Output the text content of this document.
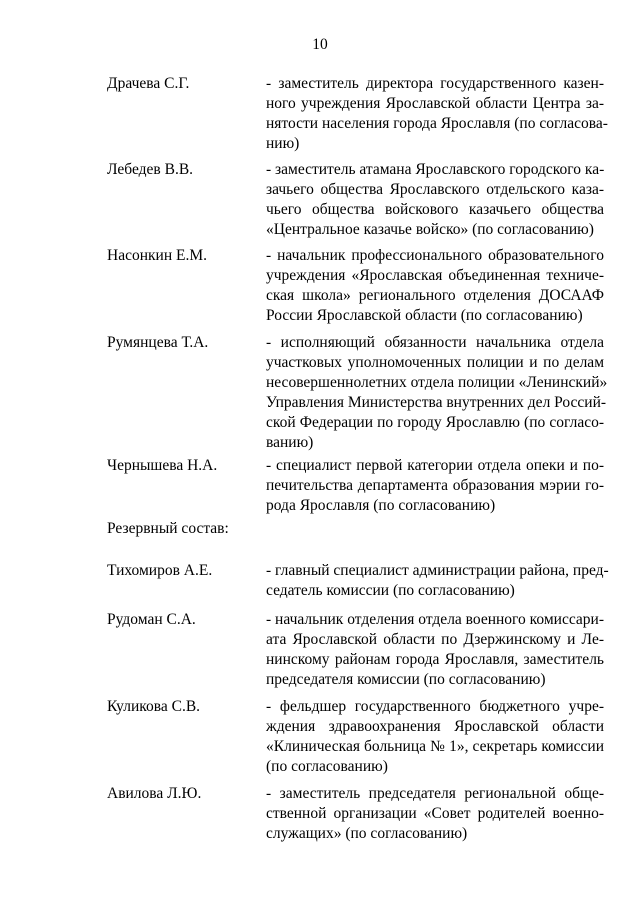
10
Драчева С.Г.	- заместитель директора государственного казен-
ного учреждения Ярославской области Центра за-
нятости населения города Ярославля (по согласова-
нию)
Лебедев В.В.	- заместитель атамана Ярославского городского ка-
зачьего общества Ярославского отдельского каза-
чьего общества войскового казачьего общества
«Центральное казачье войско» (по согласованию)
Насонкин Е.М.	- начальник профессионального образовательного
учреждения «Ярославская объединенная техниче-
ская школа» регионального отделения ДОСААФ
России Ярославской области (по согласованию)
Румянцева Т.А.	- исполняющий обязанности начальника отдела
участковых уполномоченных полиции и по делам
несовершеннолетних отдела полиции «Ленинский»
Управления Министерства внутренних дел Россий-
ской Федерации по городу Ярославлю (по согласо-
ванию)
Чернышева Н.А.	- специалист первой категории отдела опеки и по-
печительства департамента образования мэрии го-
рода Ярославля (по согласованию)
Резервный состав:
Тихомиров А.Е.	- главный специалист администрации района, пред-
седатель комиссии (по согласованию)
Рудоман С.А.	- начальник отделения отдела военного комиссари-
ата Ярославской области по Дзержинскому и Ле-
нинскому районам города Ярославля, заместитель
председателя комиссии (по согласованию)
Куликова С.В.	- фельдшер государственного бюджетного учре-
ждения здравоохранения Ярославской области
«Клиническая больница № 1», секретарь комиссии
(по согласованию)
Авилова Л.Ю.	- заместитель председателя региональной обще-
ственной организации «Совет родителей военно-
служащих» (по согласованию)
